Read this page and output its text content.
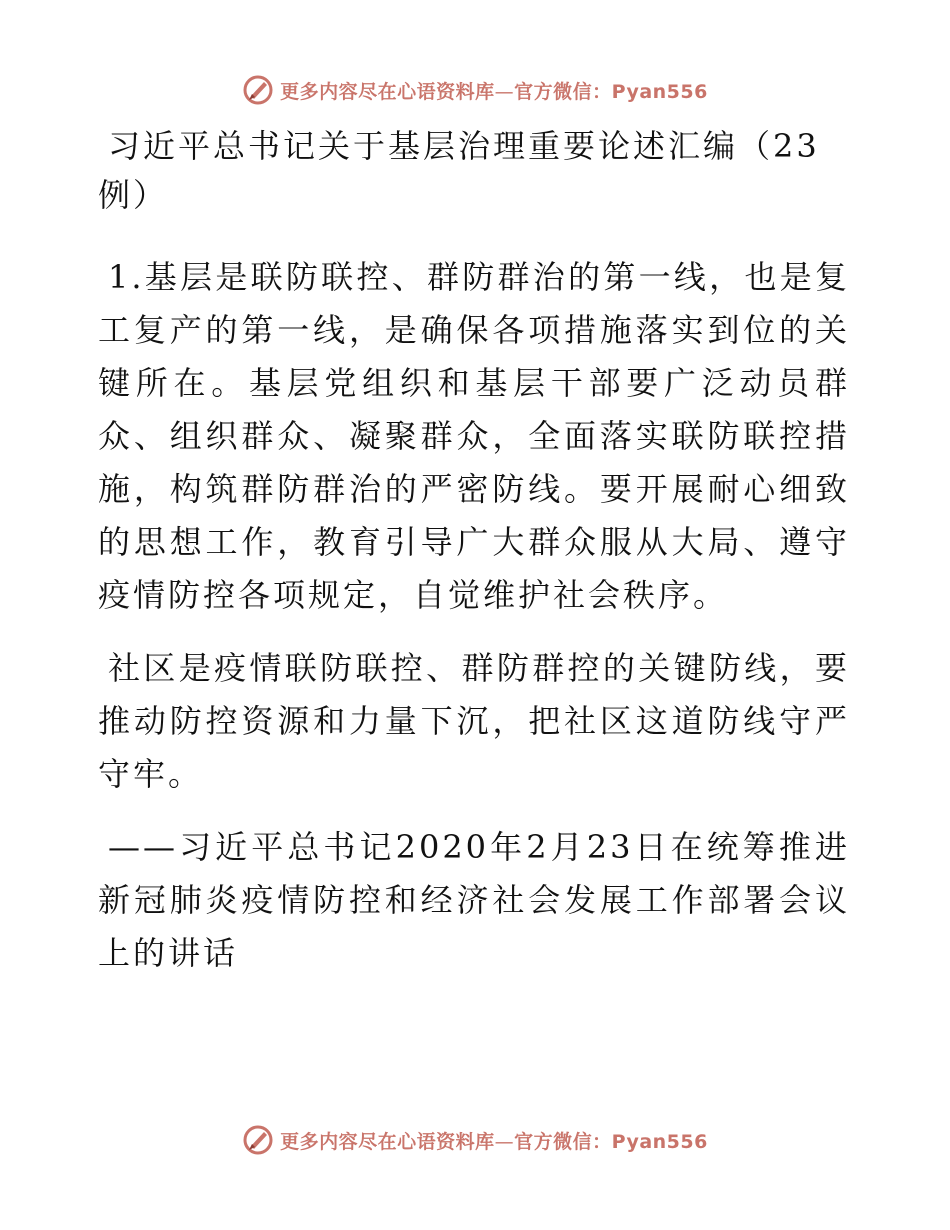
更多内容尽在心语资料库—官方微信：Pyan556
习近平总书记关于基层治理重要论述汇编（23例）

1.基层是联防联控、群防群治的第一线，也是复工复产的第一线，是确保各项措施落实到位的关键所在。基层党组织和基层干部要广泛动员群众、组织群众、凝聚群众，全面落实联防联控措施，构筑群防群治的严密防线。要开展耐心细致的思想工作，教育引导广大群众服从大局、遵守疫情防控各项规定，自觉维护社会秩序。

社区是疫情联防联控、群防群控的关键防线，要推动防控资源和力量下沉，把社区这道防线守严守牢。

——习近平总书记2020年2月23日在统筹推进新冠肺炎疫情防控和经济社会发展工作部署会议上的讲话

更多内容尽在心语资料库—官方微信：Pyan556
